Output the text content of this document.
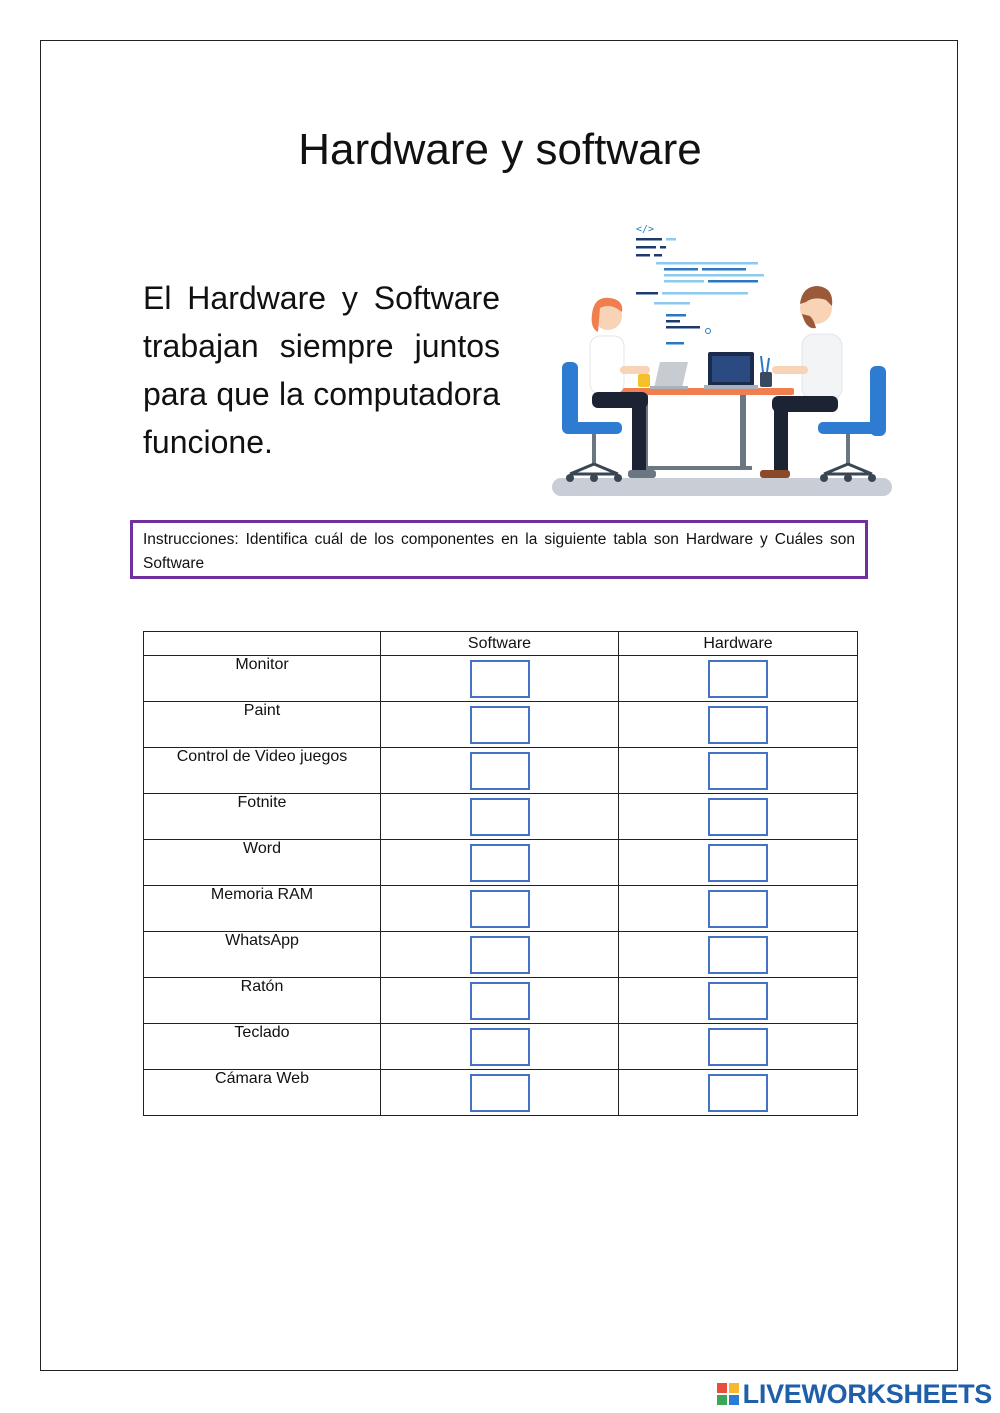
Hardware y software
El Hardware y Software trabajan siempre juntos para que la computadora funcione.
</>
Instrucciones: Identifica cuál de los componentes en la siguiente tabla son Hardware y Cuáles son Software
	Software	Hardware
Monitor		
Paint		
Control de Video juegos		
Fotnite		
Word		
Memoria RAM		
WhatsApp		
Ratón		
Teclado		
Cámara Web		
LIVEWORKSHEETS
